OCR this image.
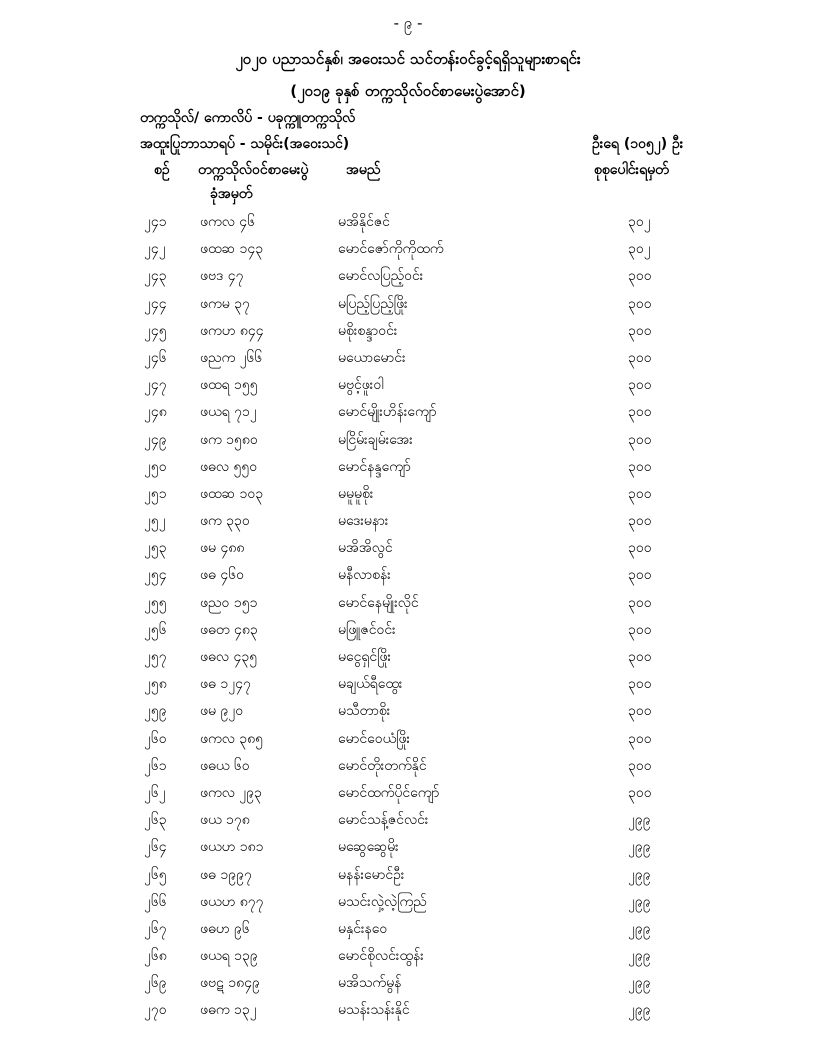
- ၉ -
၂၀၂၀ ပညာသင်နှစ်၊ အဝေးသင် သင်တန်းဝင်ခွင့်ရရှိသူများစာရင်း
(၂၀၁၉ ခုနှစ် တက္ကသိုလ်ဝင်စာမေးပွဲအောင်)
တက္ကသိုလ်/ ကောလိပ် - ပခုက္ကူတက္ကသိုလ်
အထူးပြုဘာသာရပ် - သမိုင်း(အဝေးသင်)	ဦးရေ (၁၀၅၂) ဦး
စဉ် တက္ကသိုလ်ဝင်စာမေးပွဲ
ခုံအမှတ်
အမည်	စုစုပေါင်းရမှတ်
၂၄၁ ဖကလ ၄၆	မအိနိုင်ဇင်	၃၀၂
၂၄၂ ဖထဆ ၁၄၃	မောင်ဇော်ကိုကိုထက်	၃၀၂
၂၄၃ ဖဗဒ ၄၇	မောင်လပြည့်ဝင်း	၃၀၀
၂၄၄ ဖကမ ၃၇	မပြည့်ပြည့်ဖြိုး	၃၀၀
၂၄၅ ဖကဟ ၈၄၄	မစိုးစန္ဒာဝင်း	၃၀၀
၂၄၆ ဖညက ၂၆၆	မယောမောင်း	၃၀၀
၂၄၇ ဖထရ ၁၅၅	မဗွင့်ဖူးဝါ	၃၀၀
၂၄၈ ဖယရ ၇၁၂	မောင်မျိုးဟိန်းကျော်	၃၀၀
၂၄၉ ဖက ၁၅၈၀	မငြိမ်းချမ်းအေး	၃၀၀
၂၅၀ ဖဓလ ၅၅၀	မောင်နန္ဒကျော်	၃၀၀
၂၅၁ ဖထဆ ၁၀၃	မမူမူစိုး	၃၀၀
၂၅၂ ဖက ၃၃၀	မဒေးမနား	၃၀၀
၂၅၃ ဖမ ၄၈၈	မအိအိလွင်	၃၀၀
၂၅၄ ဖဓ ၄၆၀	မနီလာစန်း	၃၀၀
၂၅၅ ဖညဝ ၁၅၁	မောင်နေမျိုးလိုင်	၃၀၀
၂၅၆ ဖဓတ ၄၈၃	မဖြူဇင်ဝင်း	၃၀၀
၂၅၇ ဖဓလ ၄၃၅	မငွေရှင်ဖြိုး	၃၀၀
၂၅၈ ဖဓ ၁၂၄၇	မချယ်ရီထွေး	၃၀၀
၂၅၉ ဖမ ၉၂၀	မသီတာစိုး	၃၀၀
၂၆၀ ဖကလ ၃၈၅	မောင်ဝေယံဖြိုး	၃၀၀
၂၆၁ ဖဓယ ၆၀	မောင်တိုးတက်နိုင်	၃၀၀
၂၆၂ ဖကလ ၂၉၃	မောင်ထက်ပိုင်ကျော်	၃၀၀
၂၆၃ ဖယ ၁၇၈	မောင်သန့်ဇင်လင်း	၂၉၉
၂၆၄ ဖယဟ ၁၈၁	မဆွေဆွေမိုး	၂၉၉
၂၆၅ ဖဓ ၁၉၉၇	မနန်းမောင်ဦး	၂၉၉
၂၆၆ ဖယဟ ၈၇၇	မသင်းလှဲ့လဲ့ကြည်	၂၉၉
၂၆၇ ဖဓဟ ၉၆	မနှင်းနဝေ	၂၉၉
၂၆၈ ဖယရ ၁၃၉	မောင်စိုလင်းထွန်း	၂၉၉
၂၆၉ ဖဗဋ ၁၈၄၉	မအိသက်မွန်	၂၉၉
၂၇၀ ဖဓက ၁၃၂	မသန်းသန်းနိုင်	၂၉၉
